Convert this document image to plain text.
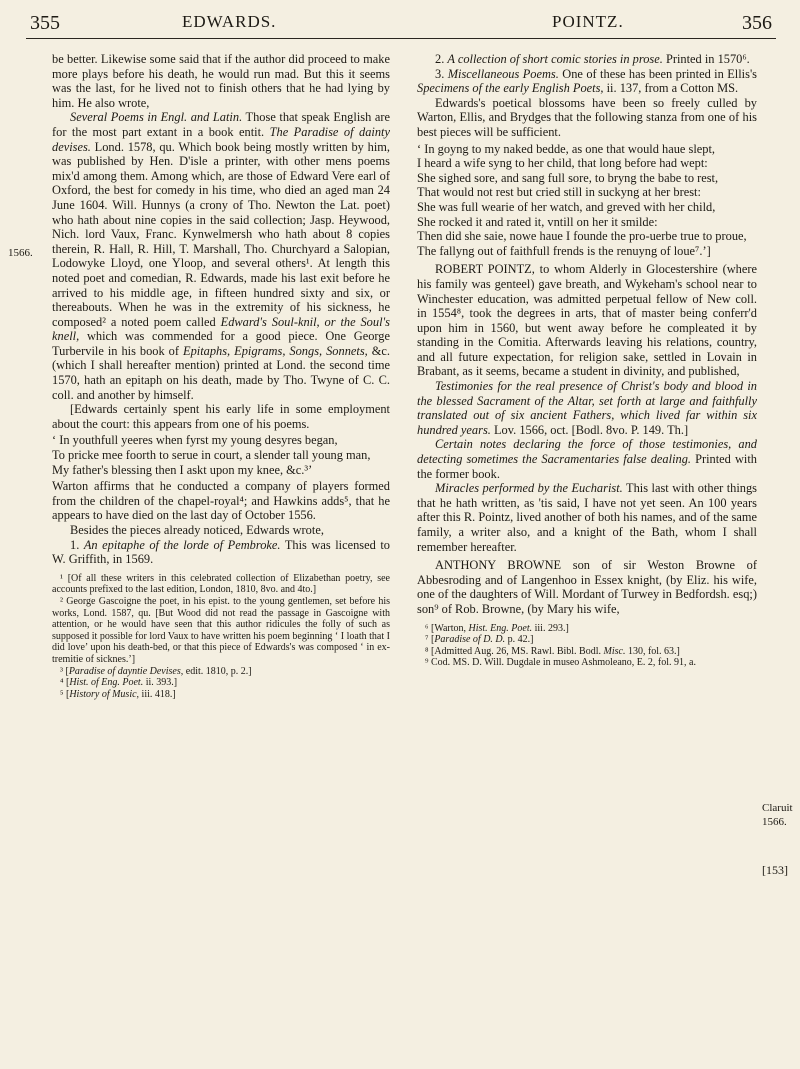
355	EDWARDS.	POINTZ.	356
1566.
Claruit
1566.
[153]

be better. Likewise some said that if the author did proceed to make more plays before his death, he would run mad. But this it seems was the last, for he lived not to finish others that he had lying by him. He also wrote,

Several Poems in Engl. and Latin. Those that speak English are for the most part extant in a book entit. The Paradise of dainty devises. Lond. 1578, qu. Which book being mostly written by him, was published by Hen. D'isle a printer, with other mens poems mix'd among them. Among which, are those of Edward Vere earl of Oxford, the best for comedy in his time, who died an aged man 24 June 1604. Will. Hunnys (a crony of Tho. Newton the Lat. poet) who hath about nine copies in the said collection; Jasp. Heywood, Nich. lord Vaux, Franc. Kynwelmersh who hath about 8 copies therein, R. Hall, R. Hill, T. Marshall, Tho. Churchyard a Salopian, Lodowyke Lloyd, one Yloop, and several others¹. At length this noted poet and comedian, R. Edwards, made his last exit before he arrived to his middle age, in fifteen hundred sixty and six, or thereabouts. When he was in the extremity of his sickness, he composed² a noted poem called Edward's Soul-knil, or the Soul's knell, which was commended for a good piece. One George Turbervile in his book of Epitaphs, Epigrams, Songs, Sonnets, &c. (which I shall hereafter mention) printed at Lond. the second time 1570, hath an epitaph on his death, made by Tho. Twyne of C. C. coll. and another by himself.

[Edwards certainly spent his early life in some employment about the court: this appears from one of his poems.

‘ In youthfull yeeres when fyrst my young desyres began,

To pricke mee foorth to serue in court, a slender tall young man,

My father's blessing then I askt upon my knee, &c.³’

Warton affirms that he conducted a company of players formed from the children of the chapel-royal⁴; and Hawkins adds⁵, that he appears to have died on the last day of October 1556.

Besides the pieces already noticed, Edwards wrote,

1. An epitaphe of the lorde of Pembroke. This was licensed to W. Griffith, in 1569.

¹ [Of all these writers in this celebrated collection of Elizabethan poetry, see accounts prefixed to the last edition, London, 1810, 8vo. and 4to.]

² George Gascoigne the poet, in his epist. to the young gentlemen, set before his works, Lond. 1587, qu. [But Wood did not read the passage in Gascoigne with attention, or he would have seen that this author ridicules the folly of such as supposed it possible for lord Vaux to have written his poem beginning ‘ I loath that I did love’ upon his death-bed, or that this piece of Edwards's was composed ‘ in ex-tremitie of sicknes.’]

³ [Paradise of dayntie Devises, edit. 1810, p. 2.]

⁴ [Hist. of Eng. Poet. ii. 393.]

⁵ [History of Music, iii. 418.]

2. A collection of short comic stories in prose. Printed in 1570⁶.

3. Miscellaneous Poems. One of these has been printed in Ellis's Specimens of the early English Poets, ii. 137, from a Cotton MS.

Edwards's poetical blossoms have been so freely culled by Warton, Ellis, and Brydges that the following stanza from one of his best pieces will be sufficient.

‘ In goyng to my naked bedde, as one that would haue slept,

I heard a wife syng to her child, that long before had wept:

She sighed sore, and sang full sore, to bryng the babe to rest,

That would not rest but cried still in suckyng at her brest:

She was full wearie of her watch, and greved with her child,

She rocked it and rated it, vntill on her it smilde:

Then did she saie, nowe haue I founde the pro-uerbe true to proue,

The fallyng out of faithfull frends is the renuyng of loue⁷.’]

ROBERT POINTZ, to whom Alderly in Glocestershire (where his family was genteel) gave breath, and Wykeham's school near to Winchester education, was admitted perpetual fellow of New coll. in 1554⁸, took the degrees in arts, that of master being conferr'd upon him in 1560, but went away before he compleated it by standing in the Comitia. Afterwards leaving his relations, country, and all future expectation, for religion sake, settled in Lovain in Brabant, as it seems, became a student in divinity, and published,

Testimonies for the real presence of Christ's body and blood in the blessed Sacrament of the Altar, set forth at large and faithfully translated out of six ancient Fathers, which lived far within six hundred years. Lov. 1566, oct. [Bodl. 8vo. P. 149. Th.]

Certain notes declaring the force of those testimonies, and detecting sometimes the Sacramentaries false dealing. Printed with the former book.

Miracles performed by the Eucharist. This last with other things that he hath written, as 'tis said, I have not yet seen. An 100 years after this R. Pointz, lived another of both his names, and of the same family, a writer also, and a knight of the Bath, whom I shall remember hereafter.

ANTHONY BROWNE son of sir Weston Browne of Abbesroding and of Langenhoo in Essex knight, (by Eliz. his wife, one of the daughters of Will. Mordant of Turwey in Bedfordsh. esq;) son⁹ of Rob. Browne, (by Mary his wife,

⁶ [Warton, Hist. Eng. Poet. iii. 293.]

⁷ [Paradise of D. D. p. 42.]

⁸ [Admitted Aug. 26, MS. Rawl. Bibl. Bodl. Misc. 130, fol. 63.]

⁹ Cod. MS. D. Will. Dugdale in museo Ashmoleano, E. 2, fol. 91, a.
